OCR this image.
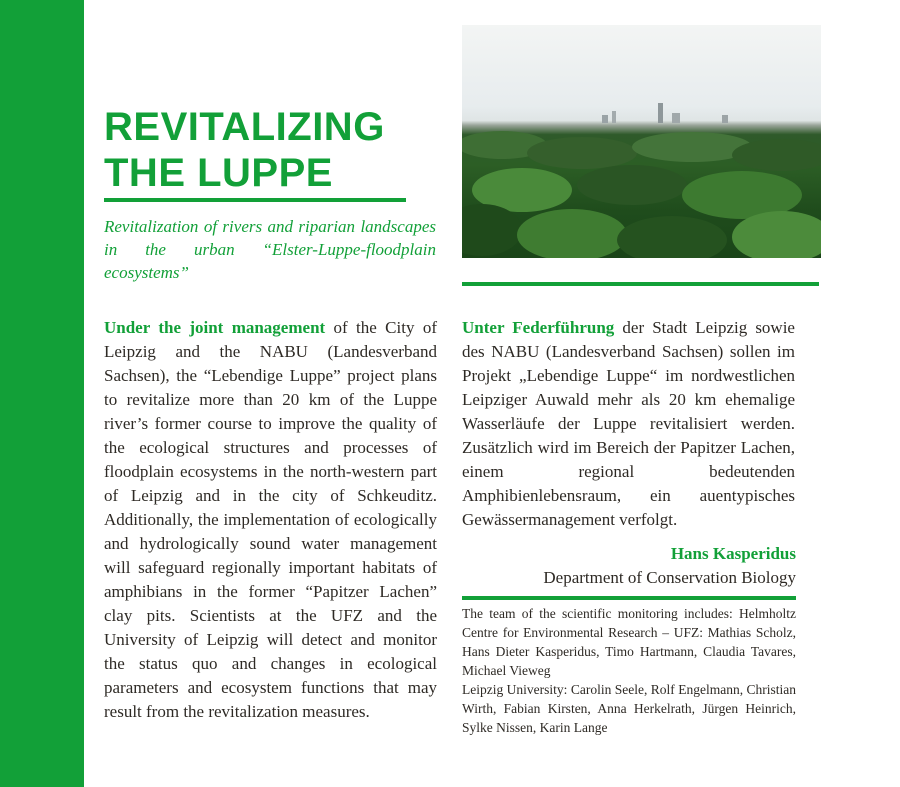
REVITALIZING
THE LUPPE

Revitalization of rivers and riparian landscapes in the urban “Elster-Luppe-floodplain ecosystems”

Under the joint management of the City of Leipzig and the NABU (Landesverband Sachsen), the “Lebendige Luppe” project plans to revitalize more than 20 km of the Luppe river’s former course to improve the quality of the ecological structures and processes of floodplain ecosystems in the north-western part of Leipzig and in the city of Schkeuditz. Additionally, the implementation of ecologically and hydrologically sound water management will safeguard regionally important habitats of amphibians in the former “Papitzer Lachen” clay pits. Scientists at the UFZ and the University of Leipzig will detect and monitor the status quo and changes in ecological parameters and ecosystem functions that may result from the revitalization measures.

Unter Federführung der Stadt Leipzig sowie des NABU (Landesverband Sachsen) sollen im Projekt „Lebendige Luppe“ im nordwestlichen Leipziger Auwald mehr als 20 km ehemalige Wasserläufe der Luppe revitalisiert werden. Zusätzlich wird im Bereich der Papitzer Lachen, einem regional bedeutenden Amphibienlebensraum, ein auentypisches Gewässermanagement verfolgt.

Hans Kasperidus
Department of Conservation Biology

The team of the scientific monitoring includes: Helmholtz Centre for Environmental Research – UFZ: Mathias Scholz, Hans Dieter Kasperidus, Timo Hartmann, Claudia Tavares, Michael Vieweg
Leipzig University: Carolin Seele, Rolf Engelmann, Christian Wirth, Fabian Kirsten, Anna Herkelrath, Jürgen Heinrich, Sylke Nissen, Karin Lange
